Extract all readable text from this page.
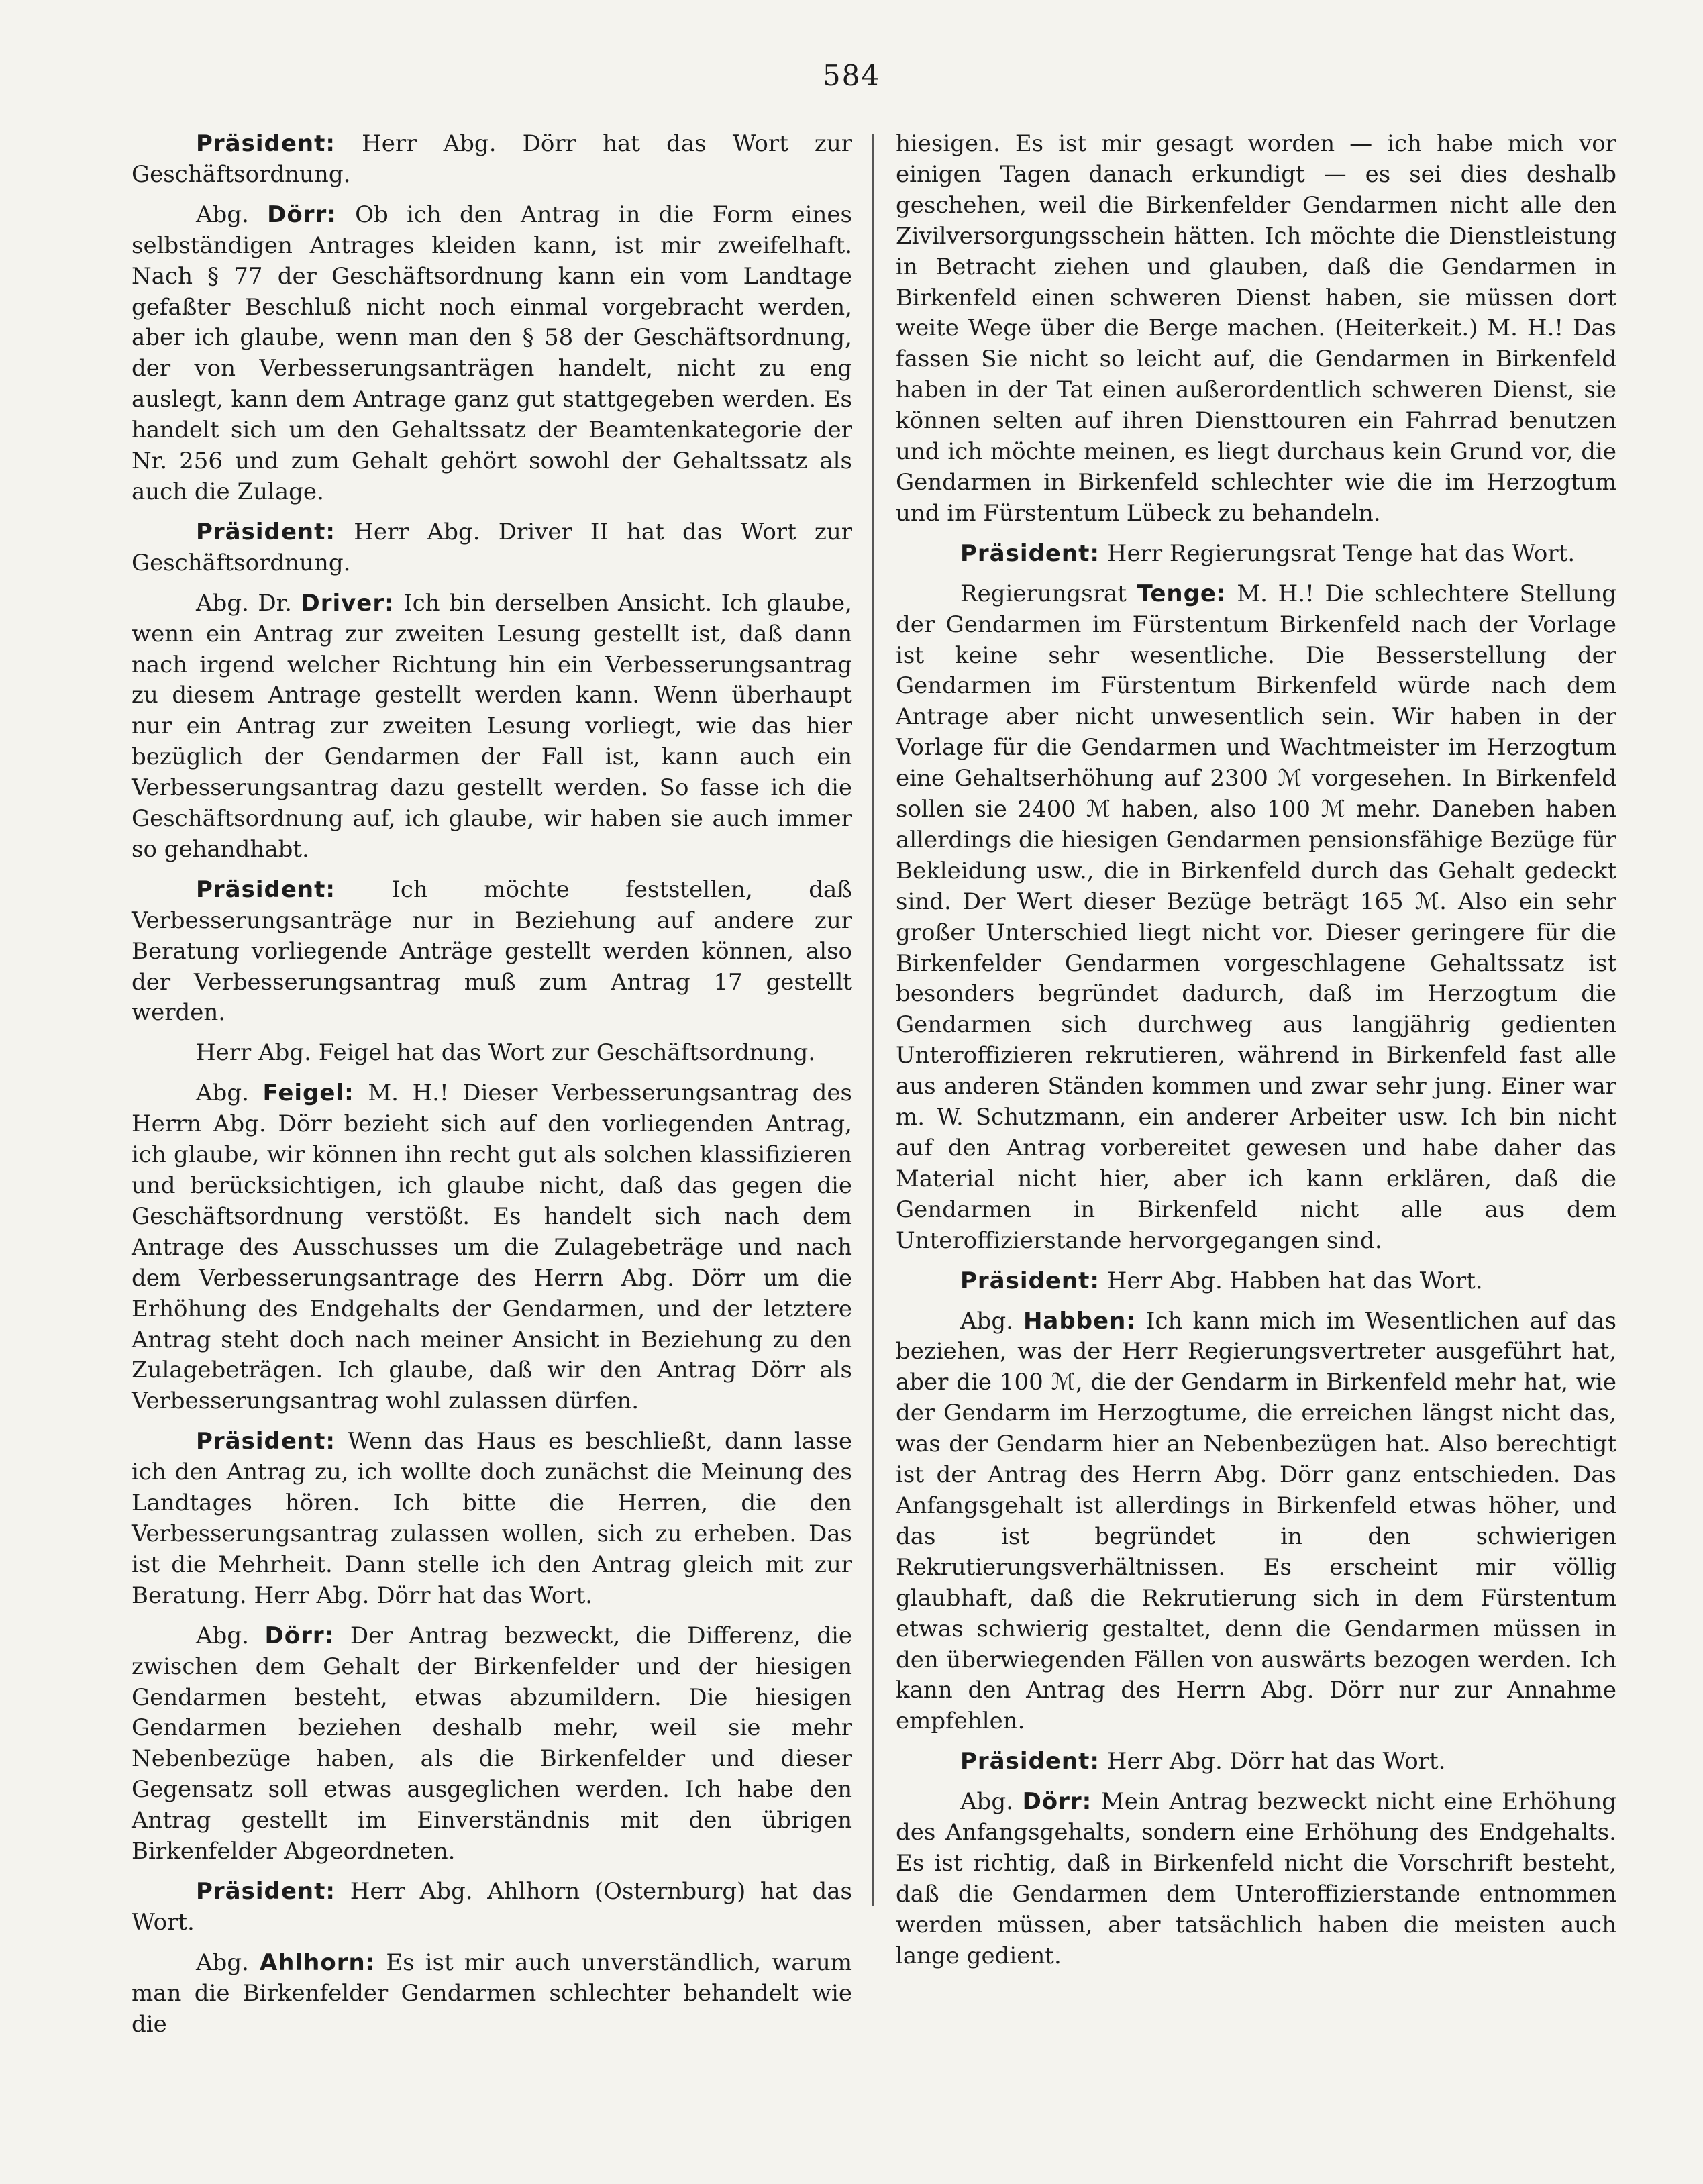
584

Präsident: Herr Abg. Dörr hat das Wort zur Geschäftsordnung.

Abg. Dörr: Ob ich den Antrag in die Form eines selbständigen Antrages kleiden kann, ist mir zweifelhaft. Nach § 77 der Geschäftsordnung kann ein vom Landtage gefaßter Beschluß nicht noch einmal vorgebracht werden, aber ich glaube, wenn man den § 58 der Geschäftsordnung, der von Verbesserungsanträgen handelt, nicht zu eng auslegt, kann dem Antrage ganz gut stattgegeben werden. Es handelt sich um den Gehaltssatz der Beamtenkategorie der Nr. 256 und zum Gehalt gehört sowohl der Gehaltssatz als auch die Zulage.

Präsident: Herr Abg. Driver II hat das Wort zur Geschäftsordnung.

Abg. Dr. Driver: Ich bin derselben Ansicht. Ich glaube, wenn ein Antrag zur zweiten Lesung gestellt ist, daß dann nach irgend welcher Richtung hin ein Verbesserungsantrag zu diesem Antrage gestellt werden kann. Wenn überhaupt nur ein Antrag zur zweiten Lesung vorliegt, wie das hier bezüglich der Gendarmen der Fall ist, kann auch ein Verbesserungsantrag dazu gestellt werden. So fasse ich die Geschäftsordnung auf, ich glaube, wir haben sie auch immer so gehandhabt.

Präsident: Ich möchte feststellen, daß Verbesserungsanträge nur in Beziehung auf andere zur Beratung vorliegende Anträge gestellt werden können, also der Verbesserungsantrag muß zum Antrag 17 gestellt werden.

Herr Abg. Feigel hat das Wort zur Geschäftsordnung.

Abg. Feigel: M. H.! Dieser Verbesserungsantrag des Herrn Abg. Dörr bezieht sich auf den vorliegenden Antrag, ich glaube, wir können ihn recht gut als solchen klassifizieren und berücksichtigen, ich glaube nicht, daß das gegen die Geschäftsordnung verstößt. Es handelt sich nach dem Antrage des Ausschusses um die Zulagebeträge und nach dem Verbesserungsantrage des Herrn Abg. Dörr um die Erhöhung des Endgehalts der Gendarmen, und der letztere Antrag steht doch nach meiner Ansicht in Beziehung zu den Zulagebeträgen. Ich glaube, daß wir den Antrag Dörr als Verbesserungsantrag wohl zulassen dürfen.

Präsident: Wenn das Haus es beschließt, dann lasse ich den Antrag zu, ich wollte doch zunächst die Meinung des Landtages hören. Ich bitte die Herren, die den Verbesserungsantrag zulassen wollen, sich zu erheben. Das ist die Mehrheit. Dann stelle ich den Antrag gleich mit zur Beratung. Herr Abg. Dörr hat das Wort.

Abg. Dörr: Der Antrag bezweckt, die Differenz, die zwischen dem Gehalt der Birkenfelder und der hiesigen Gendarmen besteht, etwas abzumildern. Die hiesigen Gendarmen beziehen deshalb mehr, weil sie mehr Nebenbezüge haben, als die Birkenfelder und dieser Gegensatz soll etwas ausgeglichen werden. Ich habe den Antrag gestellt im Einverständnis mit den übrigen Birkenfelder Abgeordneten.

Präsident: Herr Abg. Ahlhorn (Osternburg) hat das Wort.

Abg. Ahlhorn: Es ist mir auch unverständlich, warum man die Birkenfelder Gendarmen schlechter behandelt wie die

hiesigen. Es ist mir gesagt worden — ich habe mich vor einigen Tagen danach erkundigt — es sei dies deshalb geschehen, weil die Birkenfelder Gendarmen nicht alle den Zivilversorgungsschein hätten. Ich möchte die Dienstleistung in Betracht ziehen und glauben, daß die Gendarmen in Birkenfeld einen schweren Dienst haben, sie müssen dort weite Wege über die Berge machen. (Heiterkeit.) M. H.! Das fassen Sie nicht so leicht auf, die Gendarmen in Birkenfeld haben in der Tat einen außerordentlich schweren Dienst, sie können selten auf ihren Diensttouren ein Fahrrad benutzen und ich möchte meinen, es liegt durchaus kein Grund vor, die Gendarmen in Birkenfeld schlechter wie die im Herzogtum und im Fürstentum Lübeck zu behandeln.

Präsident: Herr Regierungsrat Tenge hat das Wort.

Regierungsrat Tenge: M. H.! Die schlechtere Stellung der Gendarmen im Fürstentum Birkenfeld nach der Vorlage ist keine sehr wesentliche. Die Besserstellung der Gendarmen im Fürstentum Birkenfeld würde nach dem Antrage aber nicht unwesentlich sein. Wir haben in der Vorlage für die Gendarmen und Wachtmeister im Herzogtum eine Gehaltserhöhung auf 2300 ℳ vorgesehen. In Birkenfeld sollen sie 2400 ℳ haben, also 100 ℳ mehr. Daneben haben allerdings die hiesigen Gendarmen pensionsfähige Bezüge für Bekleidung usw., die in Birkenfeld durch das Gehalt gedeckt sind. Der Wert dieser Bezüge beträgt 165 ℳ. Also ein sehr großer Unterschied liegt nicht vor. Dieser geringere für die Birkenfelder Gendarmen vorgeschlagene Gehaltssatz ist besonders begründet dadurch, daß im Herzogtum die Gendarmen sich durchweg aus langjährig gedienten Unteroffizieren rekrutieren, während in Birkenfeld fast alle aus anderen Ständen kommen und zwar sehr jung. Einer war m. W. Schutzmann, ein anderer Arbeiter usw. Ich bin nicht auf den Antrag vorbereitet gewesen und habe daher das Material nicht hier, aber ich kann erklären, daß die Gendarmen in Birkenfeld nicht alle aus dem Unteroffizierstande hervorgegangen sind.

Präsident: Herr Abg. Habben hat das Wort.

Abg. Habben: Ich kann mich im Wesentlichen auf das beziehen, was der Herr Regierungsvertreter ausgeführt hat, aber die 100 ℳ, die der Gendarm in Birkenfeld mehr hat, wie der Gendarm im Herzogtume, die erreichen längst nicht das, was der Gendarm hier an Nebenbezügen hat. Also berechtigt ist der Antrag des Herrn Abg. Dörr ganz entschieden. Das Anfangsgehalt ist allerdings in Birkenfeld etwas höher, und das ist begründet in den schwierigen Rekrutierungsverhältnissen. Es erscheint mir völlig glaubhaft, daß die Rekrutierung sich in dem Fürstentum etwas schwierig gestaltet, denn die Gendarmen müssen in den überwiegenden Fällen von auswärts bezogen werden. Ich kann den Antrag des Herrn Abg. Dörr nur zur Annahme empfehlen.

Präsident: Herr Abg. Dörr hat das Wort.

Abg. Dörr: Mein Antrag bezweckt nicht eine Erhöhung des Anfangsgehalts, sondern eine Erhöhung des Endgehalts. Es ist richtig, daß in Birkenfeld nicht die Vorschrift besteht, daß die Gendarmen dem Unteroffizierstande entnommen werden müssen, aber tatsächlich haben die meisten auch lange gedient.
